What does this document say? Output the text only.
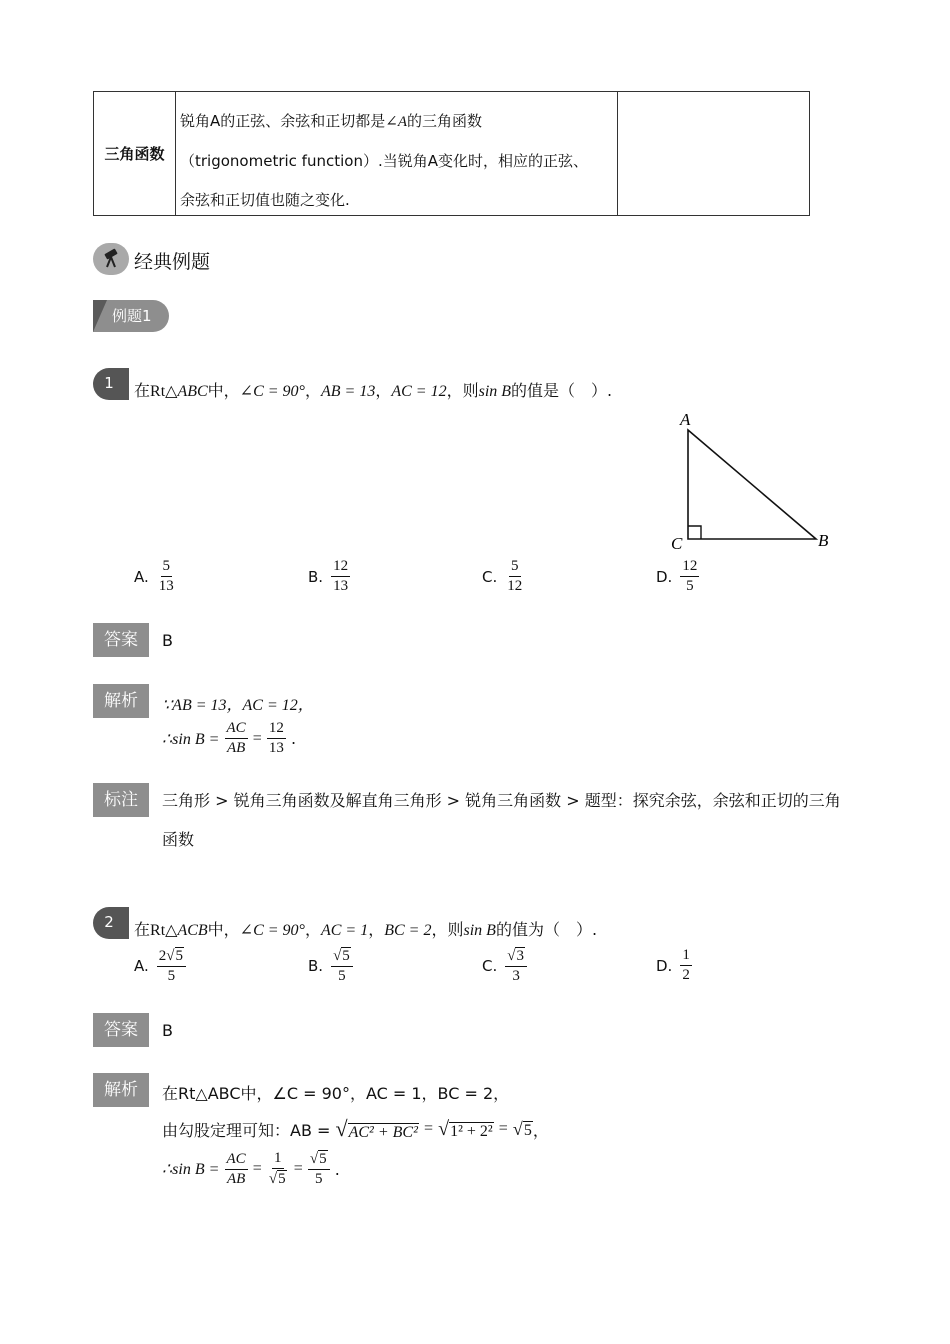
三角函数
锐角A的正弦、余弦和正切都是∠A的三角函数
（trigonometric function）.当锐角A变化时，相应的正弦、
余弦和正切值也随之变化.
经典例题
例题1
1	在Rt△ABC中，∠C = 90°，AB = 13，AC = 12，则sin B的值是（　）.
A
B
C
A. $\frac{5}{13}$	B. $\frac{12}{13}$	C. $\frac{5}{12}$	D. $\frac{12}{5}$
答案	B
解析	∵AB = 13，AC = 12，
∴sin B =
$\frac{AC}{AB}$
=
$\frac{12}{13}$
.
标注	三角形 > 锐角三角函数及解直角三角形 > 锐角三角函数 > 题型：探究余弦，余弦和正切的三角函数
2	在Rt△ACB中，∠C = 90°，AC = 1，BC = 2，则sin B的值为（　）.
A. $\frac{2√ 5}{5}$	B. $\frac{√ 5}{5}$	C. $\frac{√ 3}{3}$	D. $\frac{1}{2}$
答案	B
解析	在Rt△ABC中，∠C = 90°，AC = 1，BC = 2，
由勾股定理可知：AB =
√ AC² + BC²
=
√ 1² + 2²
=
√ 5 ，
∴sin B =
$\frac{AC}{AB}$
=
$\frac{1}{√ 5}$
=
$\frac{√ 5}{5}$
.
